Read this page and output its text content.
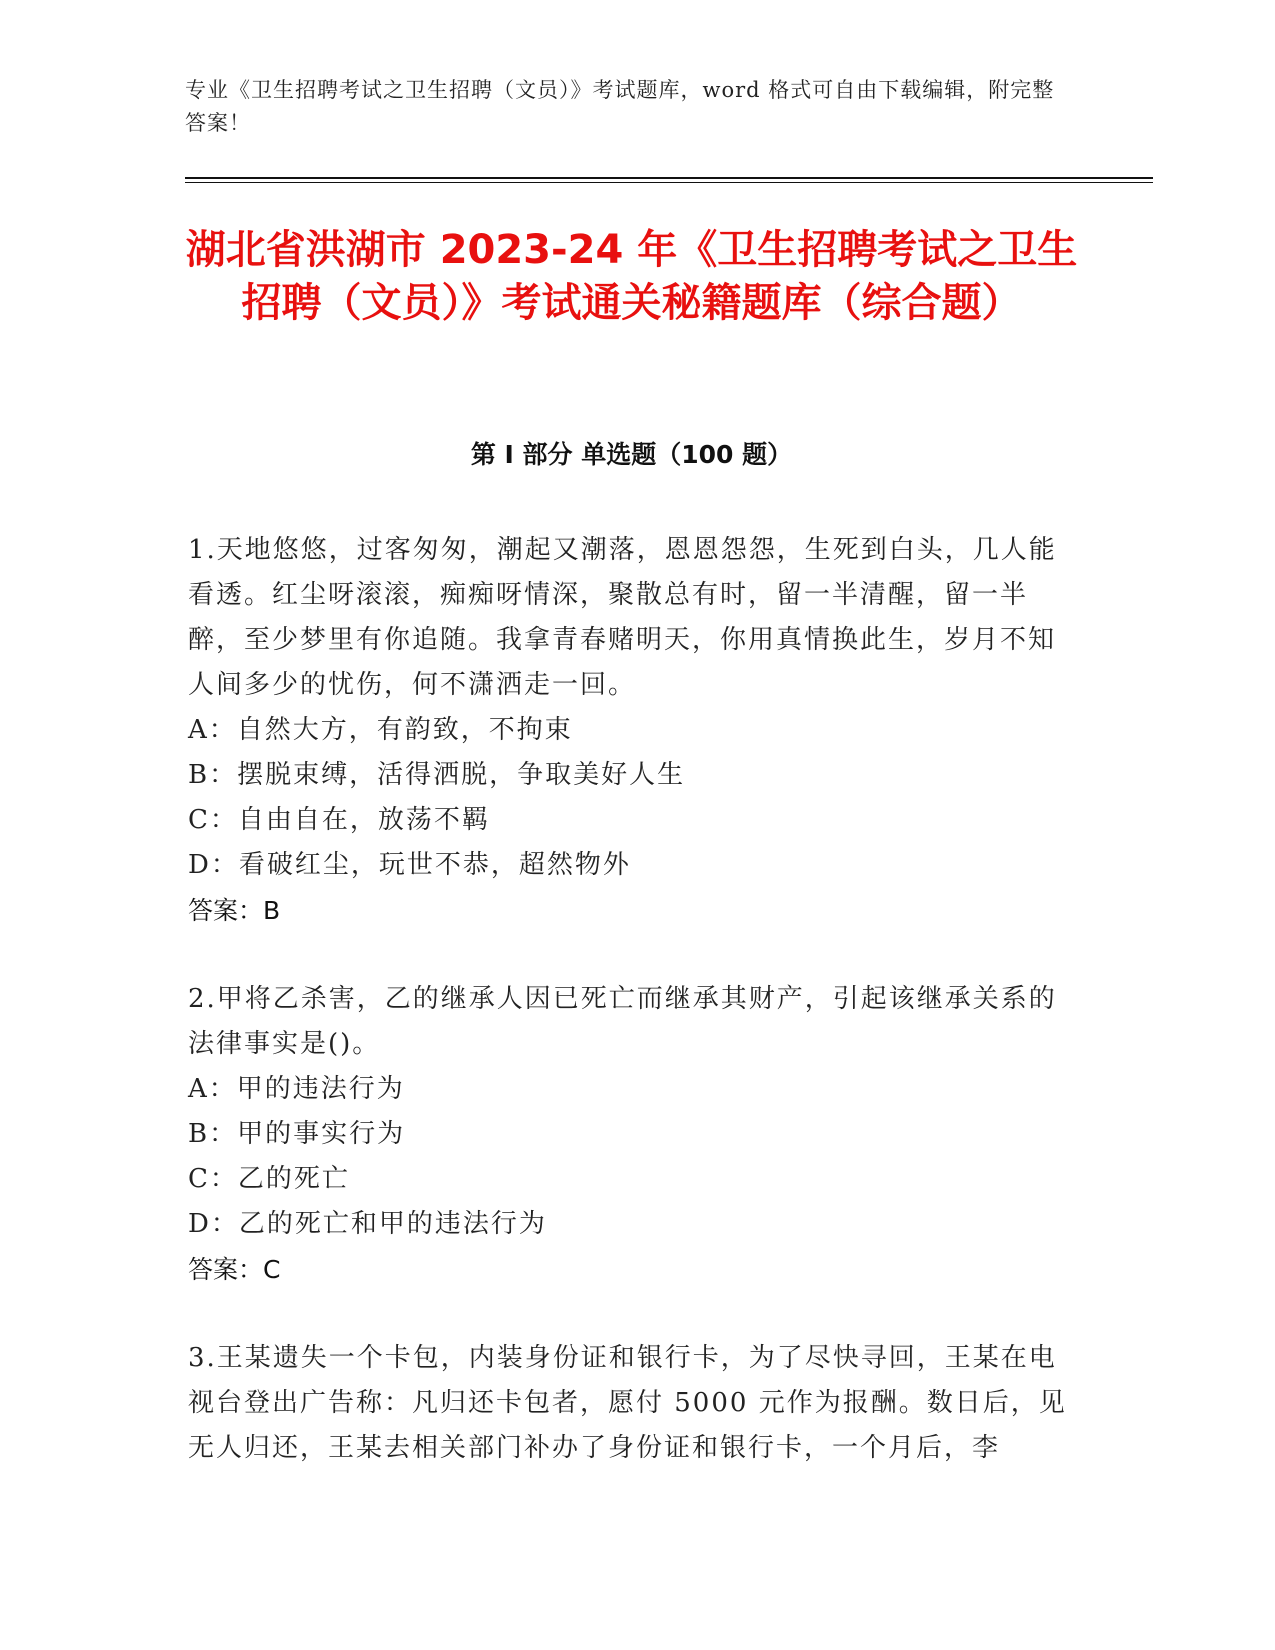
专业《卫生招聘考试之卫生招聘（文员）》考试题库，word 格式可自由下载编辑，附完整答案！

湖北省洪湖市 2023-24 年《卫生招聘考试之卫生招聘（文员）》考试通关秘籍题库（综合题）
第 I 部分 单选题（100 题）

1.天地悠悠，过客匆匆，潮起又潮落，恩恩怨怨，生死到白头，几人能看透。红尘呀滚滚，痴痴呀情深，聚散总有时，留一半清醒，留一半醉，至少梦里有你追随。我拿青春赌明天，你用真情换此生，岁月不知人间多少的忧伤，何不潇洒走一回。

A：自然大方，有韵致，不拘束

B：摆脱束缚，活得洒脱，争取美好人生

C：自由自在，放荡不羁

D：看破红尘，玩世不恭，超然物外

答案：B

2.甲将乙杀害，乙的继承人因已死亡而继承其财产，引起该继承关系的法律事实是()。

A：甲的违法行为

B：甲的事实行为

C：乙的死亡

D：乙的死亡和甲的违法行为

答案：C

3.王某遗失一个卡包，内装身份证和银行卡，为了尽快寻回，王某在电视台登出广告称：凡归还卡包者，愿付 5000 元作为报酬。数日后，见无人归还，王某去相关部门补办了身份证和银行卡，一个月后，李
